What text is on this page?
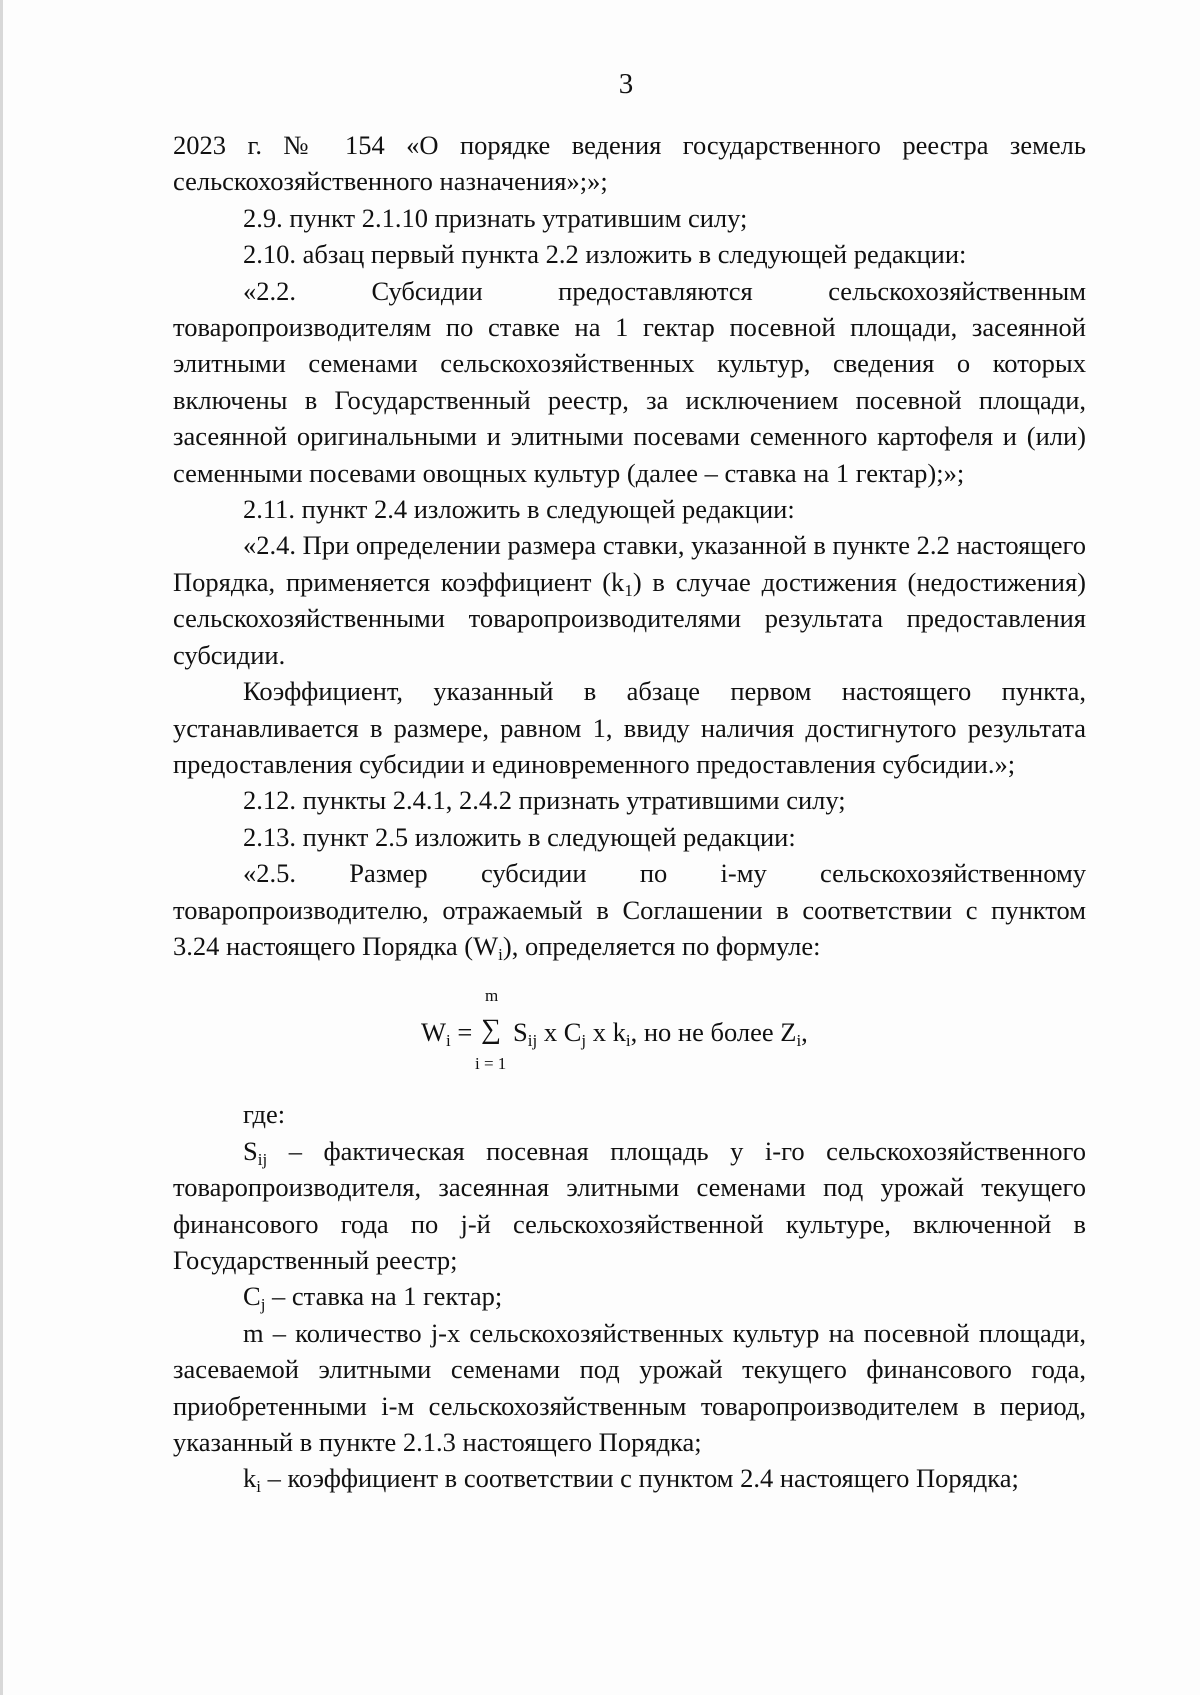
3

2023 г. № 154 «О порядке ведения государственного реестра земель сельскохозяйственного назначения»;»;

2.9. пункт 2.1.10 признать утратившим силу;

2.10. абзац первый пункта 2.2 изложить в следующей редакции:

«2.2. Субсидии предоставляются сельскохозяйственным товаропроизводителям по ставке на 1 гектар посевной площади, засеянной элитными семенами сельскохозяйственных культур, сведения о которых включены в Государственный реестр, за исключением посевной площади, засеянной оригинальными и элитными посевами семенного картофеля и (или) семенными посевами овощных культур (далее – ставка на 1 гектар);»;

2.11. пункт 2.4 изложить в следующей редакции:

«2.4. При определении размера ставки, указанной в пункте 2.2 настоящего Порядка, применяется коэффициент $(k_1)$ в случае достижения (недостижения) сельскохозяйственными товаропроизводителями результата предоставления субсидии.

Коэффициент, указанный в абзаце первом настоящего пункта, устанавливается в размере, равном 1, ввиду наличия достигнутого результата предоставления субсидии и единовременного предоставления субсидии.»;

2.12. пункты 2.4.1, 2.4.2 признать утратившими силу;

2.13. пункт 2.5 изложить в следующей редакции:

«2.5. Размер субсидии по i-му сельскохозяйственному товаропроизводителю, отражаемый в Соглашении в соответствии с пунктом 3.24 настоящего Порядка $(W_i)$, определяется по формуле:

$W_i$ =
m
∑
i = 1
$S_{ij}$ x $C_j$ x $k_i$, но не более $Z_i$,

где:

$S_{ij}$ – фактическая посевная площадь у i-го сельскохозяйственного товаропроизводителя, засеянная элитными семенами под урожай текущего финансового года по j-й сельскохозяйственной культуре, включенной в Государственный реестр;

$C_j$ – ставка на 1 гектар;

m – количество j-х сельскохозяйственных культур на посевной площади, засеваемой элитными семенами под урожай текущего финансового года, приобретенными i-м сельскохозяйственным товаропроизводителем в период, указанный в пункте 2.1.3 настоящего Порядка;

$k_i$ – коэффициент в соответствии с пунктом 2.4 настоящего Порядка;
